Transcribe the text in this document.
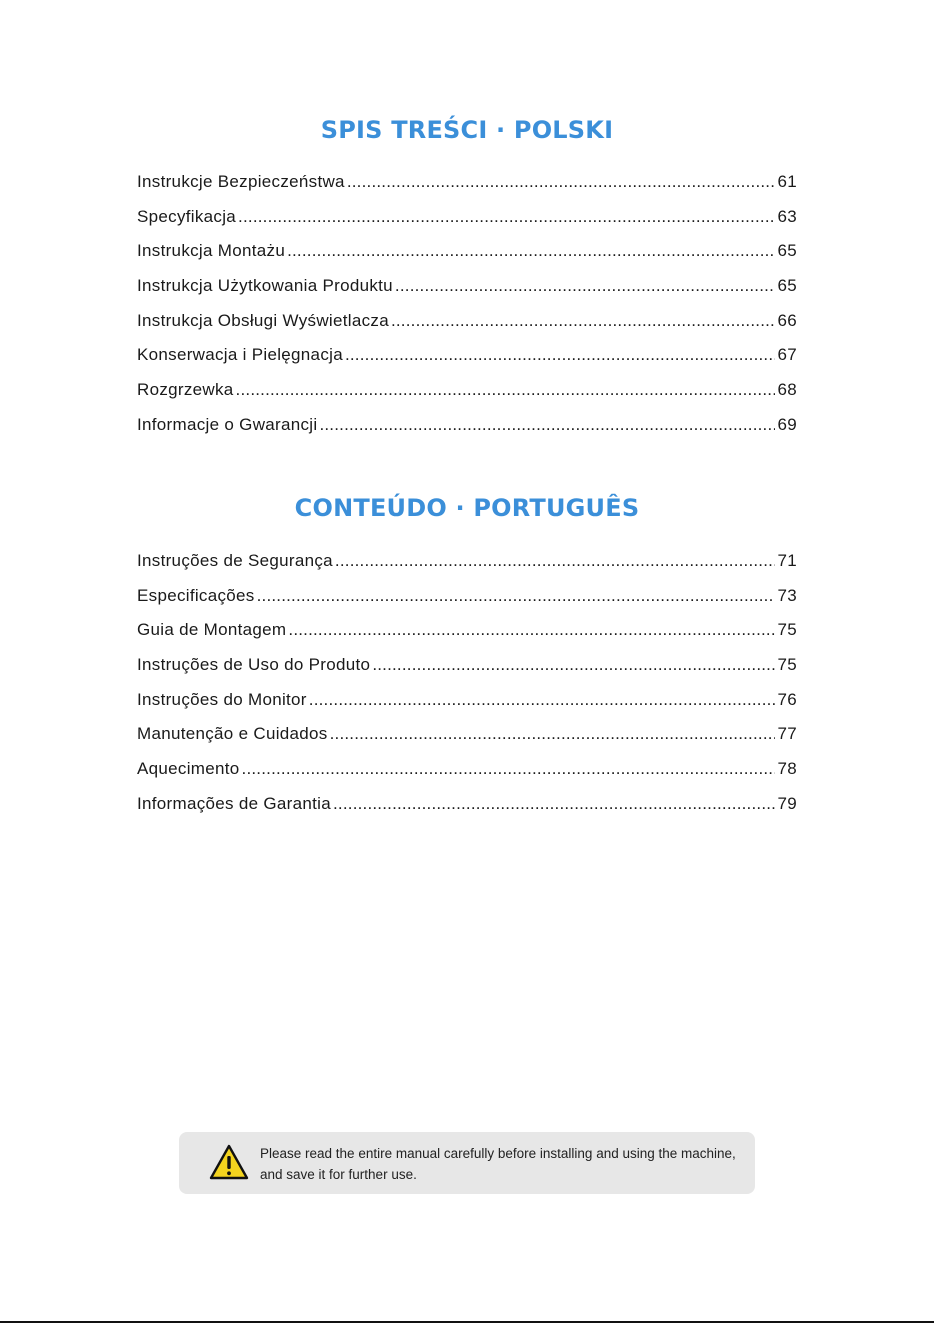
SPIS TREŚCI · POLSKI
Instrukcje Bezpieczeństwa .....	61
Specyfikacja .....	63
Instrukcja Montażu .....	65
Instrukcja Użytkowania Produktu .....	65
Instrukcja Obsługi Wyświetlacza .....	66
Konserwacja i Pielęgnacja .....	67
Rozgrzewka .....	68
Informacje o Gwarancji .....	69
CONTEÚDO · PORTUGUÊS
Instruções de Segurança .....	71
Especificações .....	73
Guia de Montagem .....	75
Instruções de Uso do Produto .....	75
Instruções do Monitor .....	76
Manutenção e Cuidados .....	77
Aquecimento .....	78
Informações de Garantia .....	79
Please read the entire manual carefully before installing and using the machine, and save it for further use.
